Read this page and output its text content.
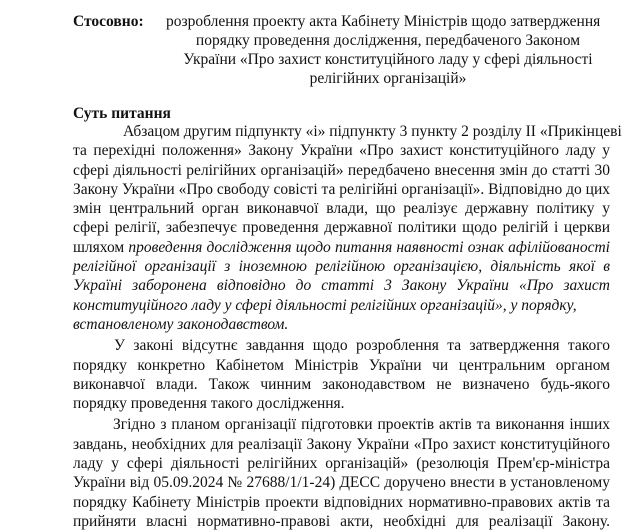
Стосовно: розроблення проекту акта Кабінету Міністрів щодо затвердження
порядку проведення дослідження, передбаченого Законом
України «Про захист конституційного ладу у сфері діяльності
релігійних організацій»
Суть питання
Абзацом другим підпункту «і» підпункту 3 пункту 2 розділу ІІ «Прикінцеві
та перехідні положення» Закону України «Про захист конституційного ладу у
сфері діяльності релігійних організацій» передбачено внесення змін до статті 30
Закону України «Про свободу совісті та релігійні організації». Відповідно до цих
змін центральний орган виконавчої влади, що реалізує державну політику у
сфері релігії, забезпечує проведення державної політики щодо релігій і церкви
шляхом проведення дослідження щодо питання наявності ознак афілійованості
релігійної організації з іноземною релігійною організацією, діяльність якої в
Україні заборонена відповідно до статті 3 Закону України «Про захист
конституційного ладу у сфері діяльності релігійних організацій», у порядку,
встановленому законодавством.
У законі відсутнє завдання щодо розроблення та затвердження такого
порядку конкретно Кабінетом Міністрів України чи центральним органом
виконавчої влади. Також чинним законодавством не визначено будь-якого
порядку проведення такого дослідження.
Згідно з планом організації підготовки проектів актів та виконання інших
завдань, необхідних для реалізації Закону України «Про захист конституційного
ладу у сфері діяльності релігійних організацій» (резолюція Прем'єр-міністра
України від 05.09.2024 № 27688/1/1-24) ДЕСС доручено внести в установленому
порядку Кабінету Міністрів проекти відповідних нормативно-правових актів та
прийняти власні нормативно-правові акти, необхідні для реалізації Закону.
